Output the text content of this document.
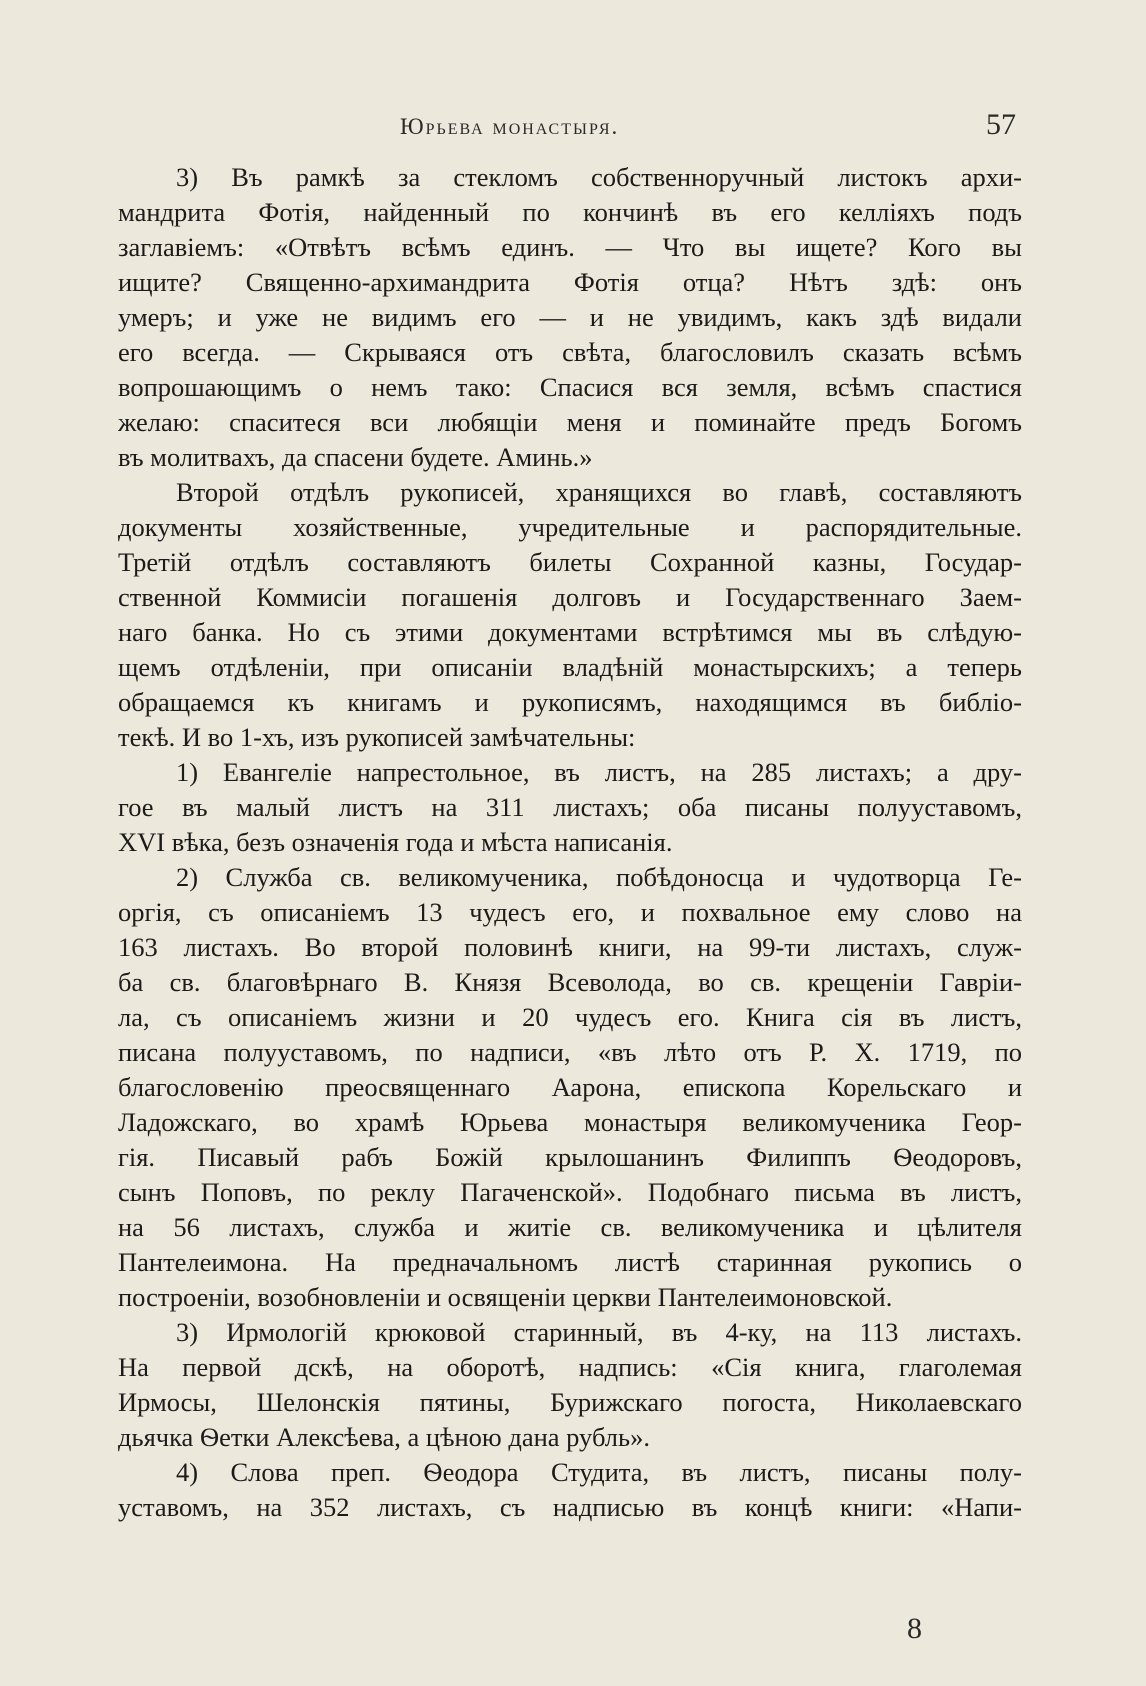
Юрьева монастыря.	57
3) Въ рамкѣ за стекломъ собственноручный листокъ архи-
мандрита Фотія, найденный по кончинѣ въ его келліяхъ подъ
заглавіемъ: «Отвѣтъ всѣмъ единъ. — Что вы ищете? Кого вы
ищите? Священно-архимандрита Фотія отца? Нѣтъ здѣ: онъ
умеръ; и уже не видимъ его — и не увидимъ, какъ здѣ видали
его всегда. — Скрываяся отъ свѣта, благословилъ сказать всѣмъ
вопрошающимъ о немъ тако: Спасися вся земля, всѣмъ спастися
желаю: спаситеся вси любящіи меня и поминайте предъ Богомъ
въ молитвахъ, да спасени будете. Аминь.»
Второй отдѣлъ рукописей, хранящихся во главѣ, составляютъ
документы хозяйственные, учредительные и распорядительные.
Третій отдѣлъ составляютъ билеты Сохранной казны, Государ-
ственной Коммисіи погашенія долговъ и Государственнаго Заем-
наго банка. Но съ этими документами встрѣтимся мы въ слѣдую-
щемъ отдѣленіи, при описаніи владѣній монастырскихъ; а теперь
обращаемся къ книгамъ и рукописямъ, находящимся въ библіо-
текѣ. И во 1-хъ, изъ рукописей замѣчательны:
1) Евангеліе напрестольное, въ листъ, на 285 листахъ; а дру-
гое въ малый листъ на 311 листахъ; оба писаны полууставомъ,
XVI вѣка, безъ означенія года и мѣста написанія.
2) Служба св. великомученика, побѣдоносца и чудотворца Ге-
оргія, съ описаніемъ 13 чудесъ его, и похвальное ему слово на
163 листахъ. Во второй половинѣ книги, на 99-ти листахъ, служ-
ба св. благовѣрнаго В. Князя Всеволода, во св. крещеніи Гавріи-
ла, съ описаніемъ жизни и 20 чудесъ его. Книга сія въ листъ,
писана полууставомъ, по надписи, «въ лѣто отъ Р. Х. 1719, по
благословенію преосвященнаго Аарона, епископа Корельскаго и
Ладожскаго, во храмѣ Юрьева монастыря великомученика Геор-
гія. Писавый рабъ Божій крылошанинъ Филиппъ Ѳеодоровъ,
сынъ Поповъ, по реклу Пагаченской». Подобнаго письма въ листъ,
на 56 листахъ, служба и житіе св. великомученика и цѣлителя
Пантелеимона. На предначальномъ листѣ старинная рукопись о
построеніи, возобновленіи и освященіи церкви Пантелеимоновской.
3) Ирмологій крюковой старинный, въ 4-ку, на 113 листахъ.
На первой дскѣ, на оборотѣ, надпись: «Сія книга, глаголемая
Ирмосы, Шелонскія пятины, Бурижскаго погоста, Николаевскаго
дьячка Ѳетки Алексѣева, а цѣною дана рубль».
4) Слова преп. Ѳеодора Студита, въ листъ, писаны полу-
уставомъ, на 352 листахъ, съ надписью въ концѣ книги: «Напи-
8
